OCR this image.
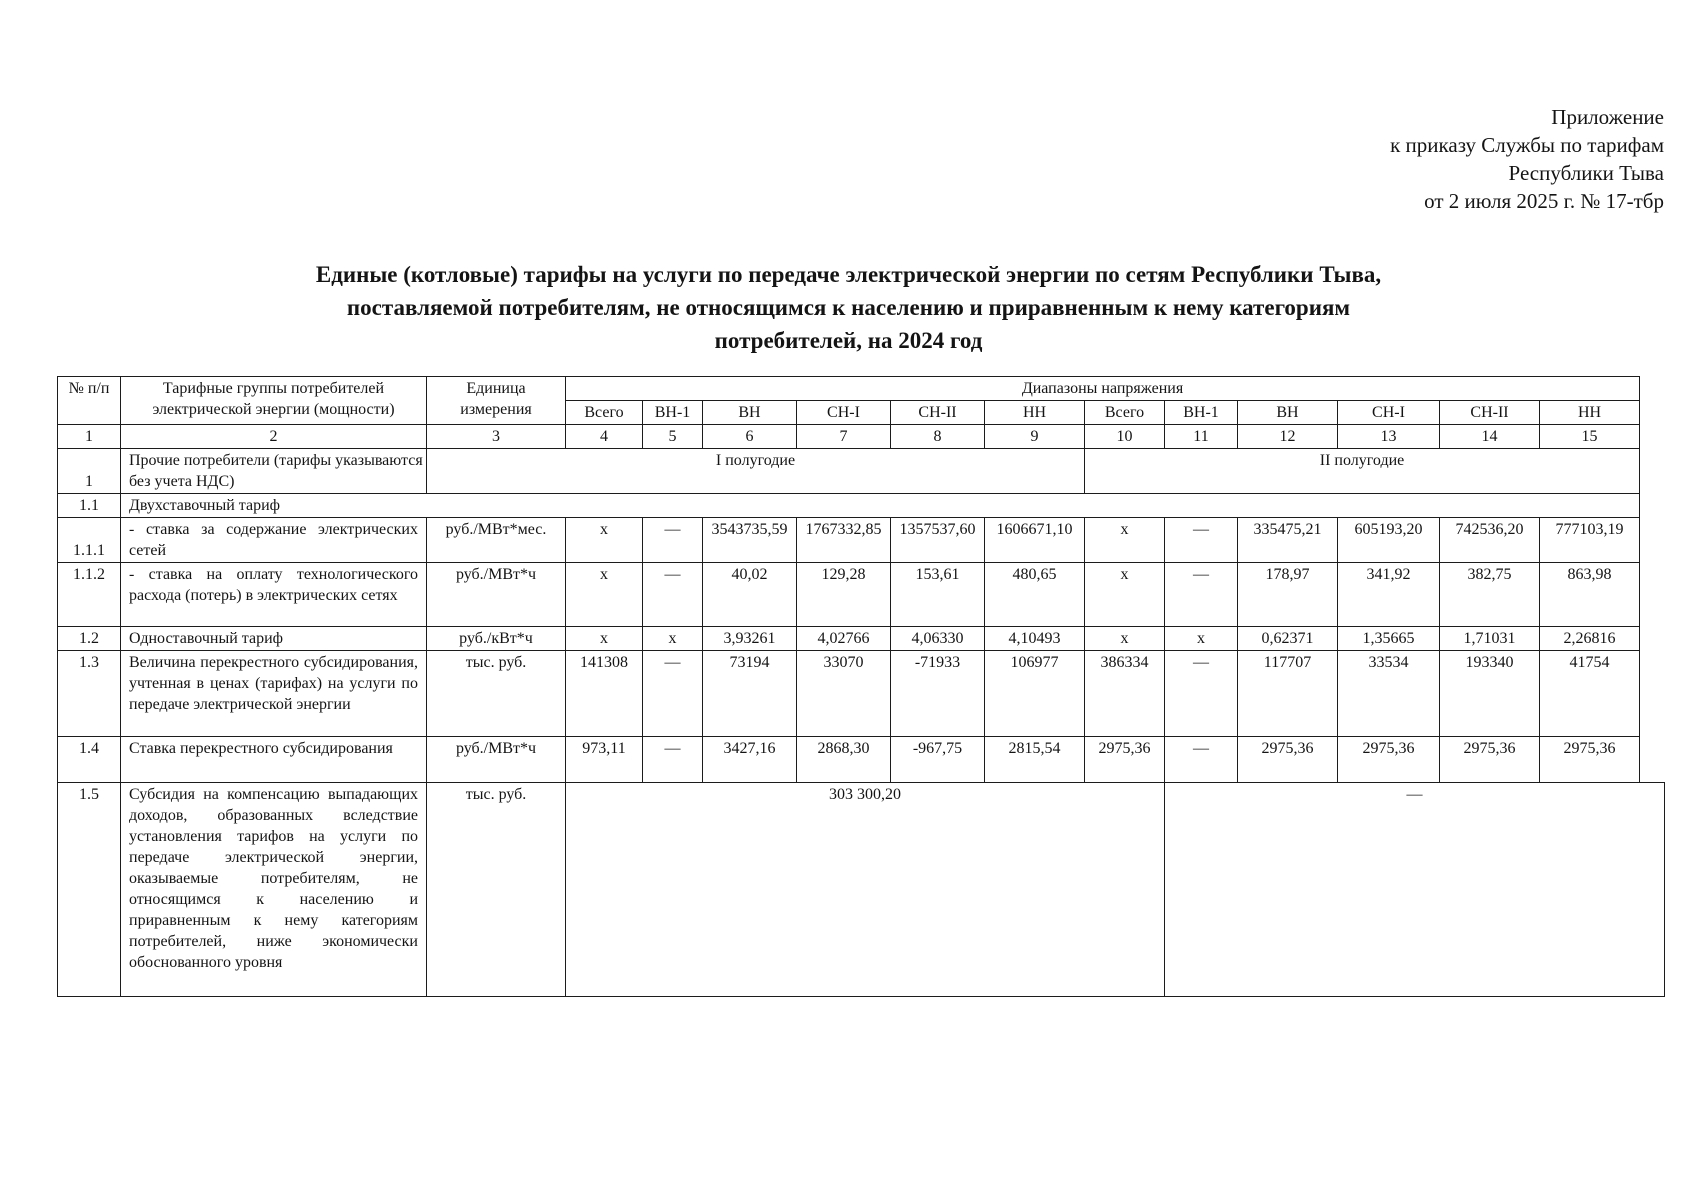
Приложение
к приказу Службы по тарифам
Республики Тыва
от 2 июля 2025 г. № 17-тбр
Единые (котловые) тарифы на услуги по передаче электрической энергии по сетям Республики Тыва,
поставляемой потребителям, не относящимся к населению и приравненным к нему категориям
потребителей, на 2024 год
№ п/п	Тарифные группы потребителей электрической энергии (мощности)	Единица измерения	Диапазоны напряжения											
			Всего	ВН-1	ВН	СН-I	СН-II	НН	Всего	ВН-1	ВН	СН-I	СН-II	НН
1	2	3	4	5	6	7	8	9	10	11	12	13	14	15
1	Прочие потребители (тарифы указываются без учета НДС)	I полугодие							II полугодие					
1.1	Двухставочный тариф													
1.1.1	- ставка за содержание электрических сетей	руб./МВт*мес.	x	—	3543735,59	1767332,85	1357537,60	1606671,10	x	—	335475,21	605193,20	742536,20	777103,19
1.1.2	- ставка на оплату технологического расхода (потерь) в электрических сетях	руб./МВт*ч	x	—	40,02	129,28	153,61	480,65	x	—	178,97	341,92	382,75	863,98
1.2	Одноставочный тариф	руб./кВт*ч	x	x	3,93261	4,02766	4,06330	4,10493	x	x	0,62371	1,35665	1,71031	2,26816
1.3	Величина перекрестного субсидирования, учтенная в ценах (тарифах) на услуги по передаче электрической энергии	тыс. руб.	141308	—	73194	33070	-71933	106977	386334	—	117707	33534	193340	41754
1.4	Ставка перекрестного субсидирования	руб./МВт*ч	973,11	—	3427,16	2868,30	-967,75	2815,54	2975,36	—	2975,36	2975,36	2975,36	2975,36
1.5	Субсидия на компенсацию выпадающих доходов, образованных вследствие установления тарифов на услуги по передаче электрической энергии, оказываемые потребителям, не относящимся к населению и приравненным к нему категориям потребителей, ниже экономически обоснованного уровня	тыс. руб.	303 300,20							—				
